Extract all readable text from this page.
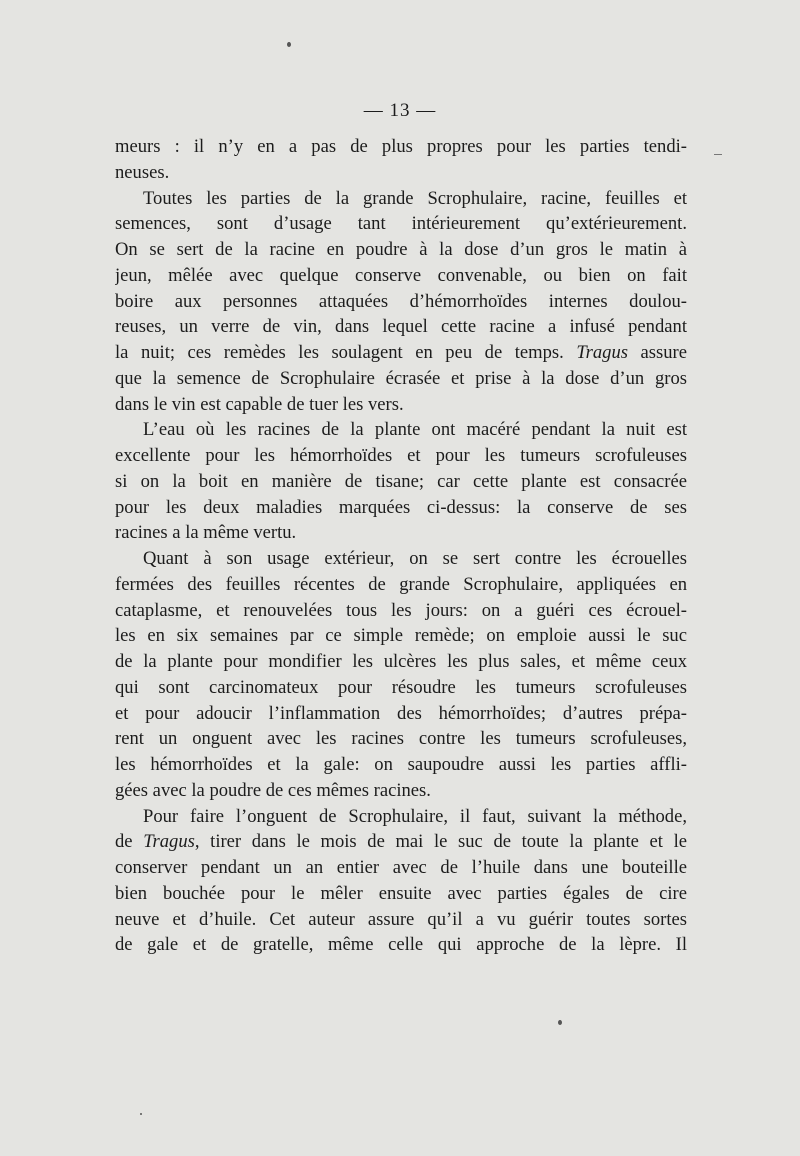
— 13 —
meurs : il n’y en a pas de plus propres pour les parties tendi-
neuses.
Toutes les parties de la grande Scrophulaire, racine, feuilles et
semences, sont d’usage tant intérieurement qu’extérieurement.
On se sert de la racine en poudre à la dose d’un gros le matin à
jeun, mêlée avec quelque conserve convenable, ou bien on fait
boire aux personnes attaquées d’hémorrhoïdes internes doulou-
reuses, un verre de vin, dans lequel cette racine a infusé pendant
la nuit; ces remèdes les soulagent en peu de temps. Tragus assure
que la semence de Scrophulaire écrasée et prise à la dose d’un gros
dans le vin est capable de tuer les vers.
L’eau où les racines de la plante ont macéré pendant la nuit est
excellente pour les hémorrhoïdes et pour les tumeurs scrofuleuses
si on la boit en manière de tisane; car cette plante est consacrée
pour les deux maladies marquées ci-dessus: la conserve de ses
racines a la même vertu.
Quant à son usage extérieur, on se sert contre les écrouelles
fermées des feuilles récentes de grande Scrophulaire, appliquées en
cataplasme, et renouvelées tous les jours: on a guéri ces écrouel-
les en six semaines par ce simple remède; on emploie aussi le suc
de la plante pour mondifier les ulcères les plus sales, et même ceux
qui sont carcinomateux pour résoudre les tumeurs scrofuleuses
et pour adoucir l’inflammation des hémorrhoïdes; d’autres prépa-
rent un onguent avec les racines contre les tumeurs scrofuleuses,
les hémorrhoïdes et la gale: on saupoudre aussi les parties affli-
gées avec la poudre de ces mêmes racines.
Pour faire l’onguent de Scrophulaire, il faut, suivant la méthode,
de Tragus, tirer dans le mois de mai le suc de toute la plante et le
conserver pendant un an entier avec de l’huile dans une bouteille
bien bouchée pour le mêler ensuite avec parties égales de cire
neuve et d’huile. Cet auteur assure qu’il a vu guérir toutes sortes
de gale et de gratelle, même celle qui approche de la lèpre. Il
